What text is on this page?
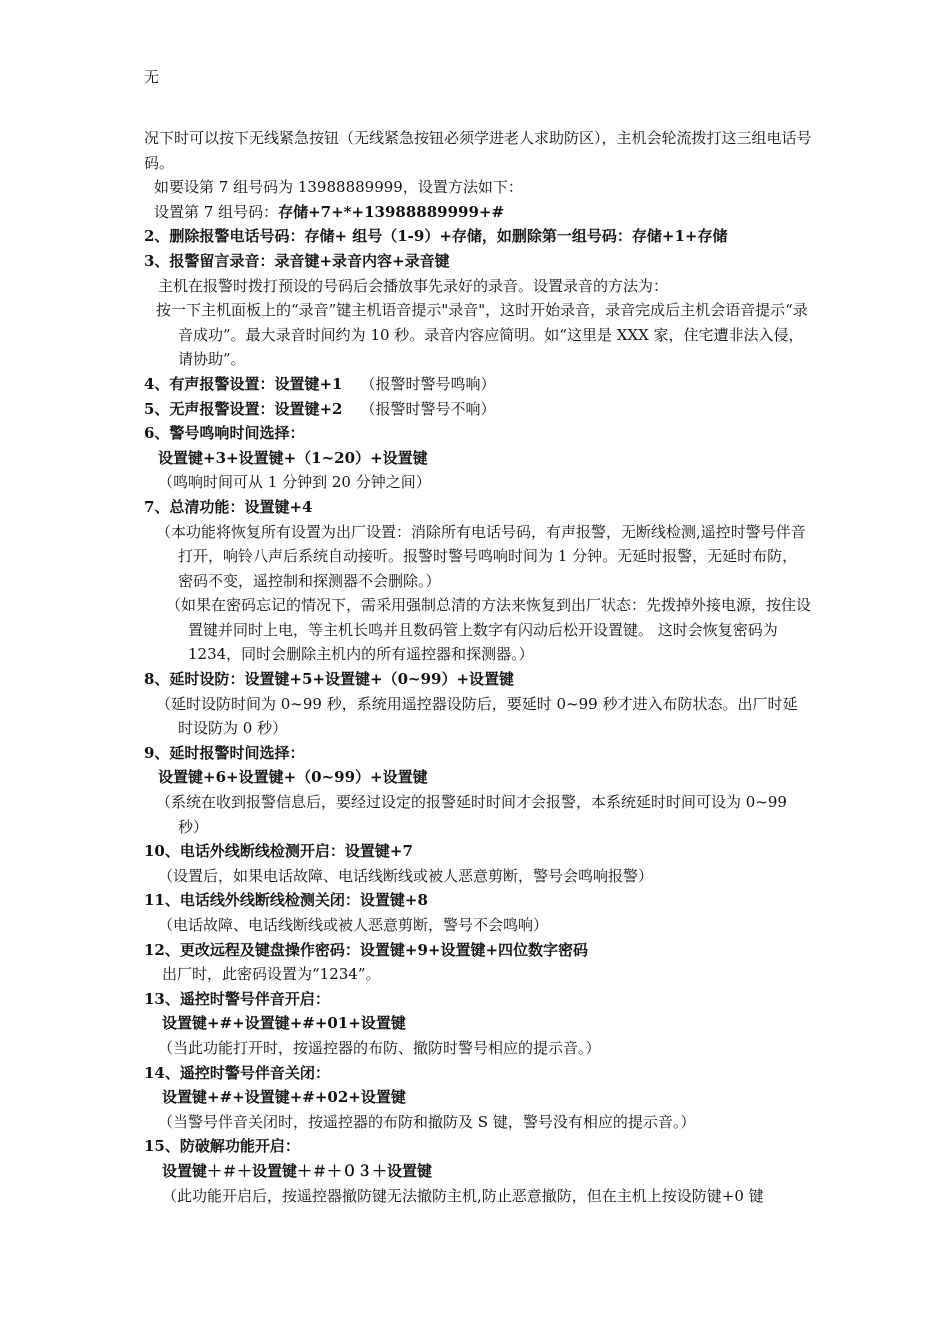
无

况下时可以按下无线紧急按钮（无线紧急按钮必须学进老人求助防区），主机会轮流拨打这三组电话号码。

如要设第 7 组号码为 13988889999，设置方法如下：

设置第 7 组号码：存储+7+*+13988889999+#

2、删除报警电话号码：存储+ 组号（1-9）+存储，如删除第一组号码：存储+1+存储

3、报警留言录音：录音键+录音内容+录音键

主机在报警时拨打预设的号码后会播放事先录好的录音。设置录音的方法为：

按一下主机面板上的“录音”键主机语音提示"录音"，这时开始录音，录音完成后主机会语音提示“录音成功”。最大录音时间约为 10 秒。录音内容应简明。如“这里是 XXX 家，住宅遭非法入侵，请协助”。

4、有声报警设置：设置键+1 （报警时警号鸣响）

5、无声报警设置：设置键+2 （报警时警号不响）

6、警号鸣响时间选择：

设置键+3+设置键+（1~20）+设置键

（鸣响时间可从 1 分钟到 20 分钟之间）

7、总清功能：设置键+4

（本功能将恢复所有设置为出厂设置：消除所有电话号码，有声报警，无断线检测,遥控时警号伴音打开，响铃八声后系统自动接听。报警时警号鸣响时间为 1 分钟。无延时报警，无延时布防，密码不变，遥控制和探测器不会删除。）

（如果在密码忘记的情况下，需采用强制总清的方法来恢复到出厂状态：先拨掉外接电源，按住设置键并同时上电，等主机长鸣并且数码管上数字有闪动后松开设置键。 这时会恢复密码为 1234，同时会删除主机内的所有遥控器和探测器。）

8、延时设防：设置键+5+设置键+（0~99）+设置键

（延时设防时间为 0~99 秒，系统用遥控器设防后，要延时 0~99 秒才进入布防状态。出厂时延时设防为 0 秒）

9、延时报警时间选择：

设置键+6+设置键+（0~99）+设置键

（系统在收到报警信息后，要经过设定的报警延时时间才会报警，本系统延时时间可设为 0~99 秒）

10、电话外线断线检测开启：设置键+7

（设置后，如果电话故障、电话线断线或被人恶意剪断，警号会鸣响报警）

11、电话线外线断线检测关闭：设置键+8

（电话故障、电话线断线或被人恶意剪断，警号不会鸣响）

12、更改远程及键盘操作密码：设置键+9+设置键+四位数字密码

出厂时，此密码设置为“1234”。

13、遥控时警号伴音开启：

设置键+#+设置键+#+01+设置键

（当此功能打开时，按遥控器的布防、撤防时警号相应的提示音。）

14、遥控时警号伴音关闭：

设置键+#+设置键+#+02+设置键

（当警号伴音关闭时，按遥控器的布防和撤防及 S 键，警号没有相应的提示音。）

15、防破解功能开启：

设置键＋＃＋设置键＋＃＋０３＋设置键

（此功能开启后，按遥控器撤防键无法撤防主机,防止恶意撤防，但在主机上按设防键+0 键
